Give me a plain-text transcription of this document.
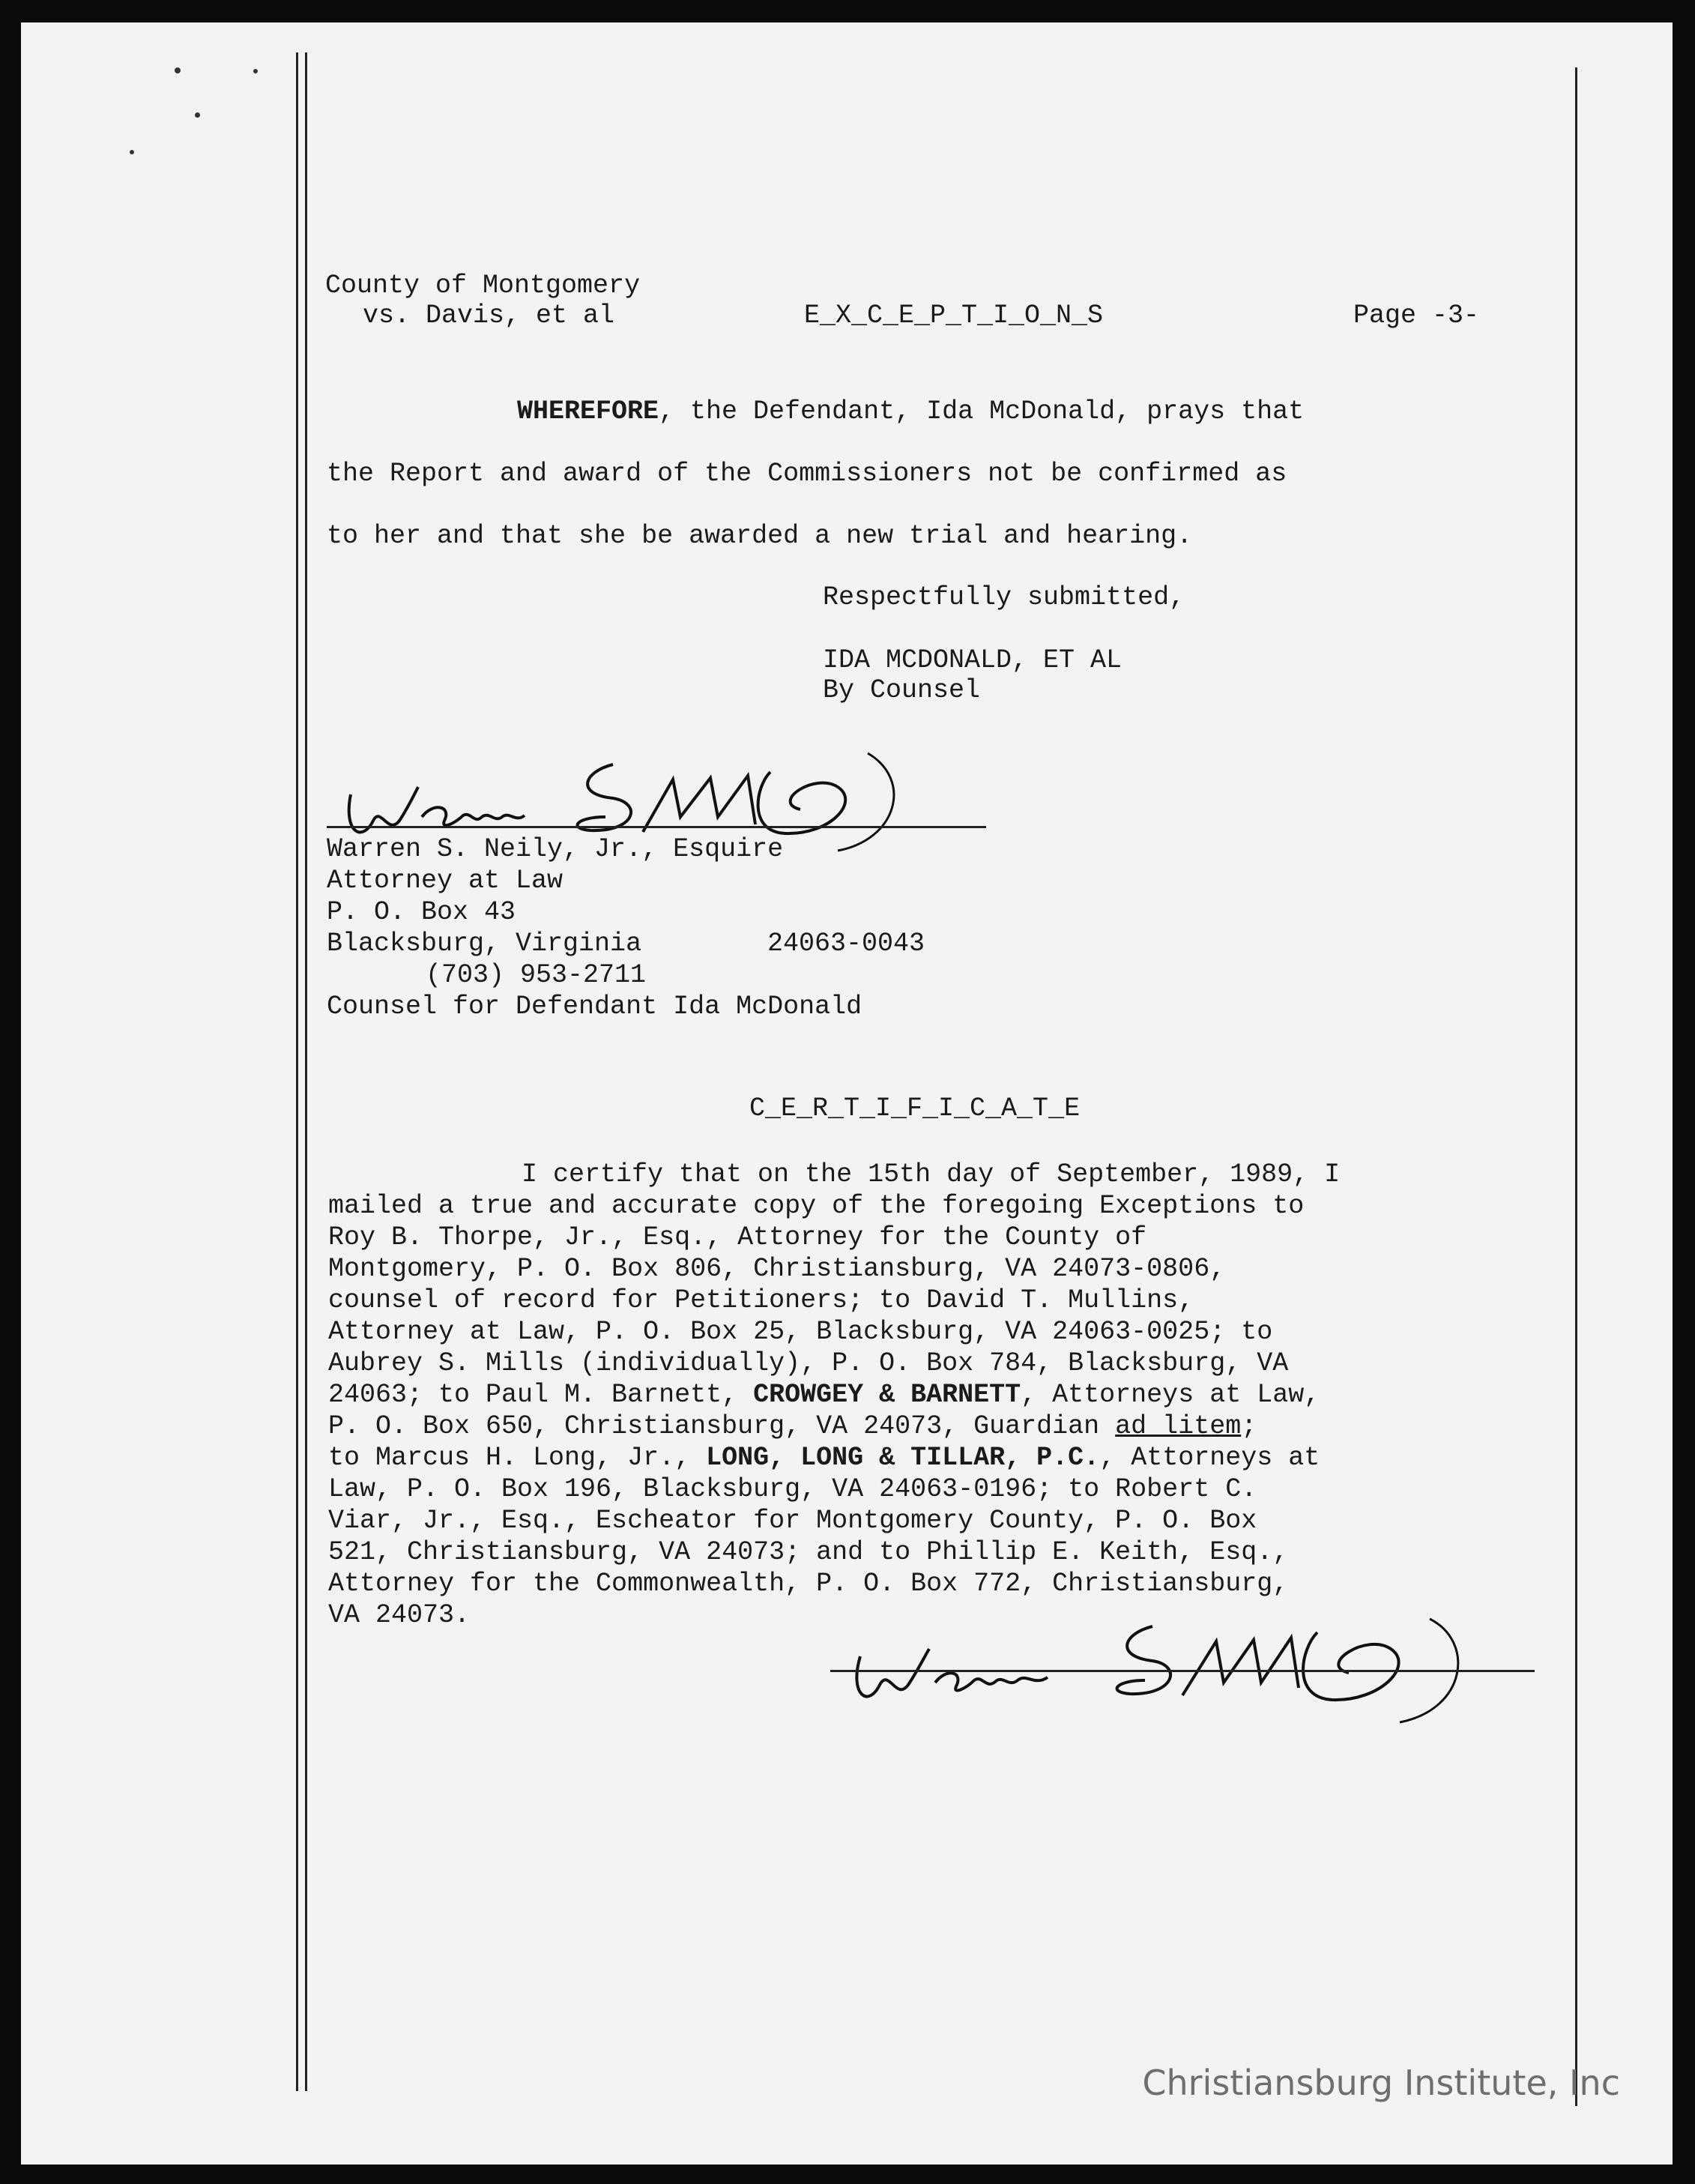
County of Montgomery
vs. Davis, et al	E_X_C_E_P_T_I_O_N_S	Page -3-
WHEREFORE, the Defendant, Ida McDonald, prays that
the Report and award of the Commissioners not be confirmed as
to her and that she be awarded a new trial and hearing.
Respectfully submitted,
IDA MCDONALD, ET AL
By Counsel
Warren S. Neily, Jr., Esquire
Attorney at Law
P. O. Box 43
Blacksburg, Virginia	24063-0043
(703) 953-2711
Counsel for Defendant Ida McDonald
C_E_R_T_I_F_I_C_A_T_E
I certify that on the 15th day of September, 1989, I
mailed a true and accurate copy of the foregoing Exceptions to
Roy B. Thorpe, Jr., Esq., Attorney for the County of
Montgomery, P. O. Box 806, Christiansburg, VA 24073-0806,
counsel of record for Petitioners; to David T. Mullins,
Attorney at Law, P. O. Box 25, Blacksburg, VA 24063-0025; to
Aubrey S. Mills (individually), P. O. Box 784, Blacksburg, VA
24063; to Paul M. Barnett, CROWGEY & BARNETT, Attorneys at Law,
P. O. Box 650, Christiansburg, VA 24073, Guardian ad litem;
to Marcus H. Long, Jr., LONG, LONG & TILLAR, P.C., Attorneys at
Law, P. O. Box 196, Blacksburg, VA 24063-0196; to Robert C.
Viar, Jr., Esq., Escheator for Montgomery County, P. O. Box
521, Christiansburg, VA 24073; and to Phillip E. Keith, Esq.,
Attorney for the Commonwealth, P. O. Box 772, Christiansburg,
VA 24073.
Christiansburg Institute, Inc
